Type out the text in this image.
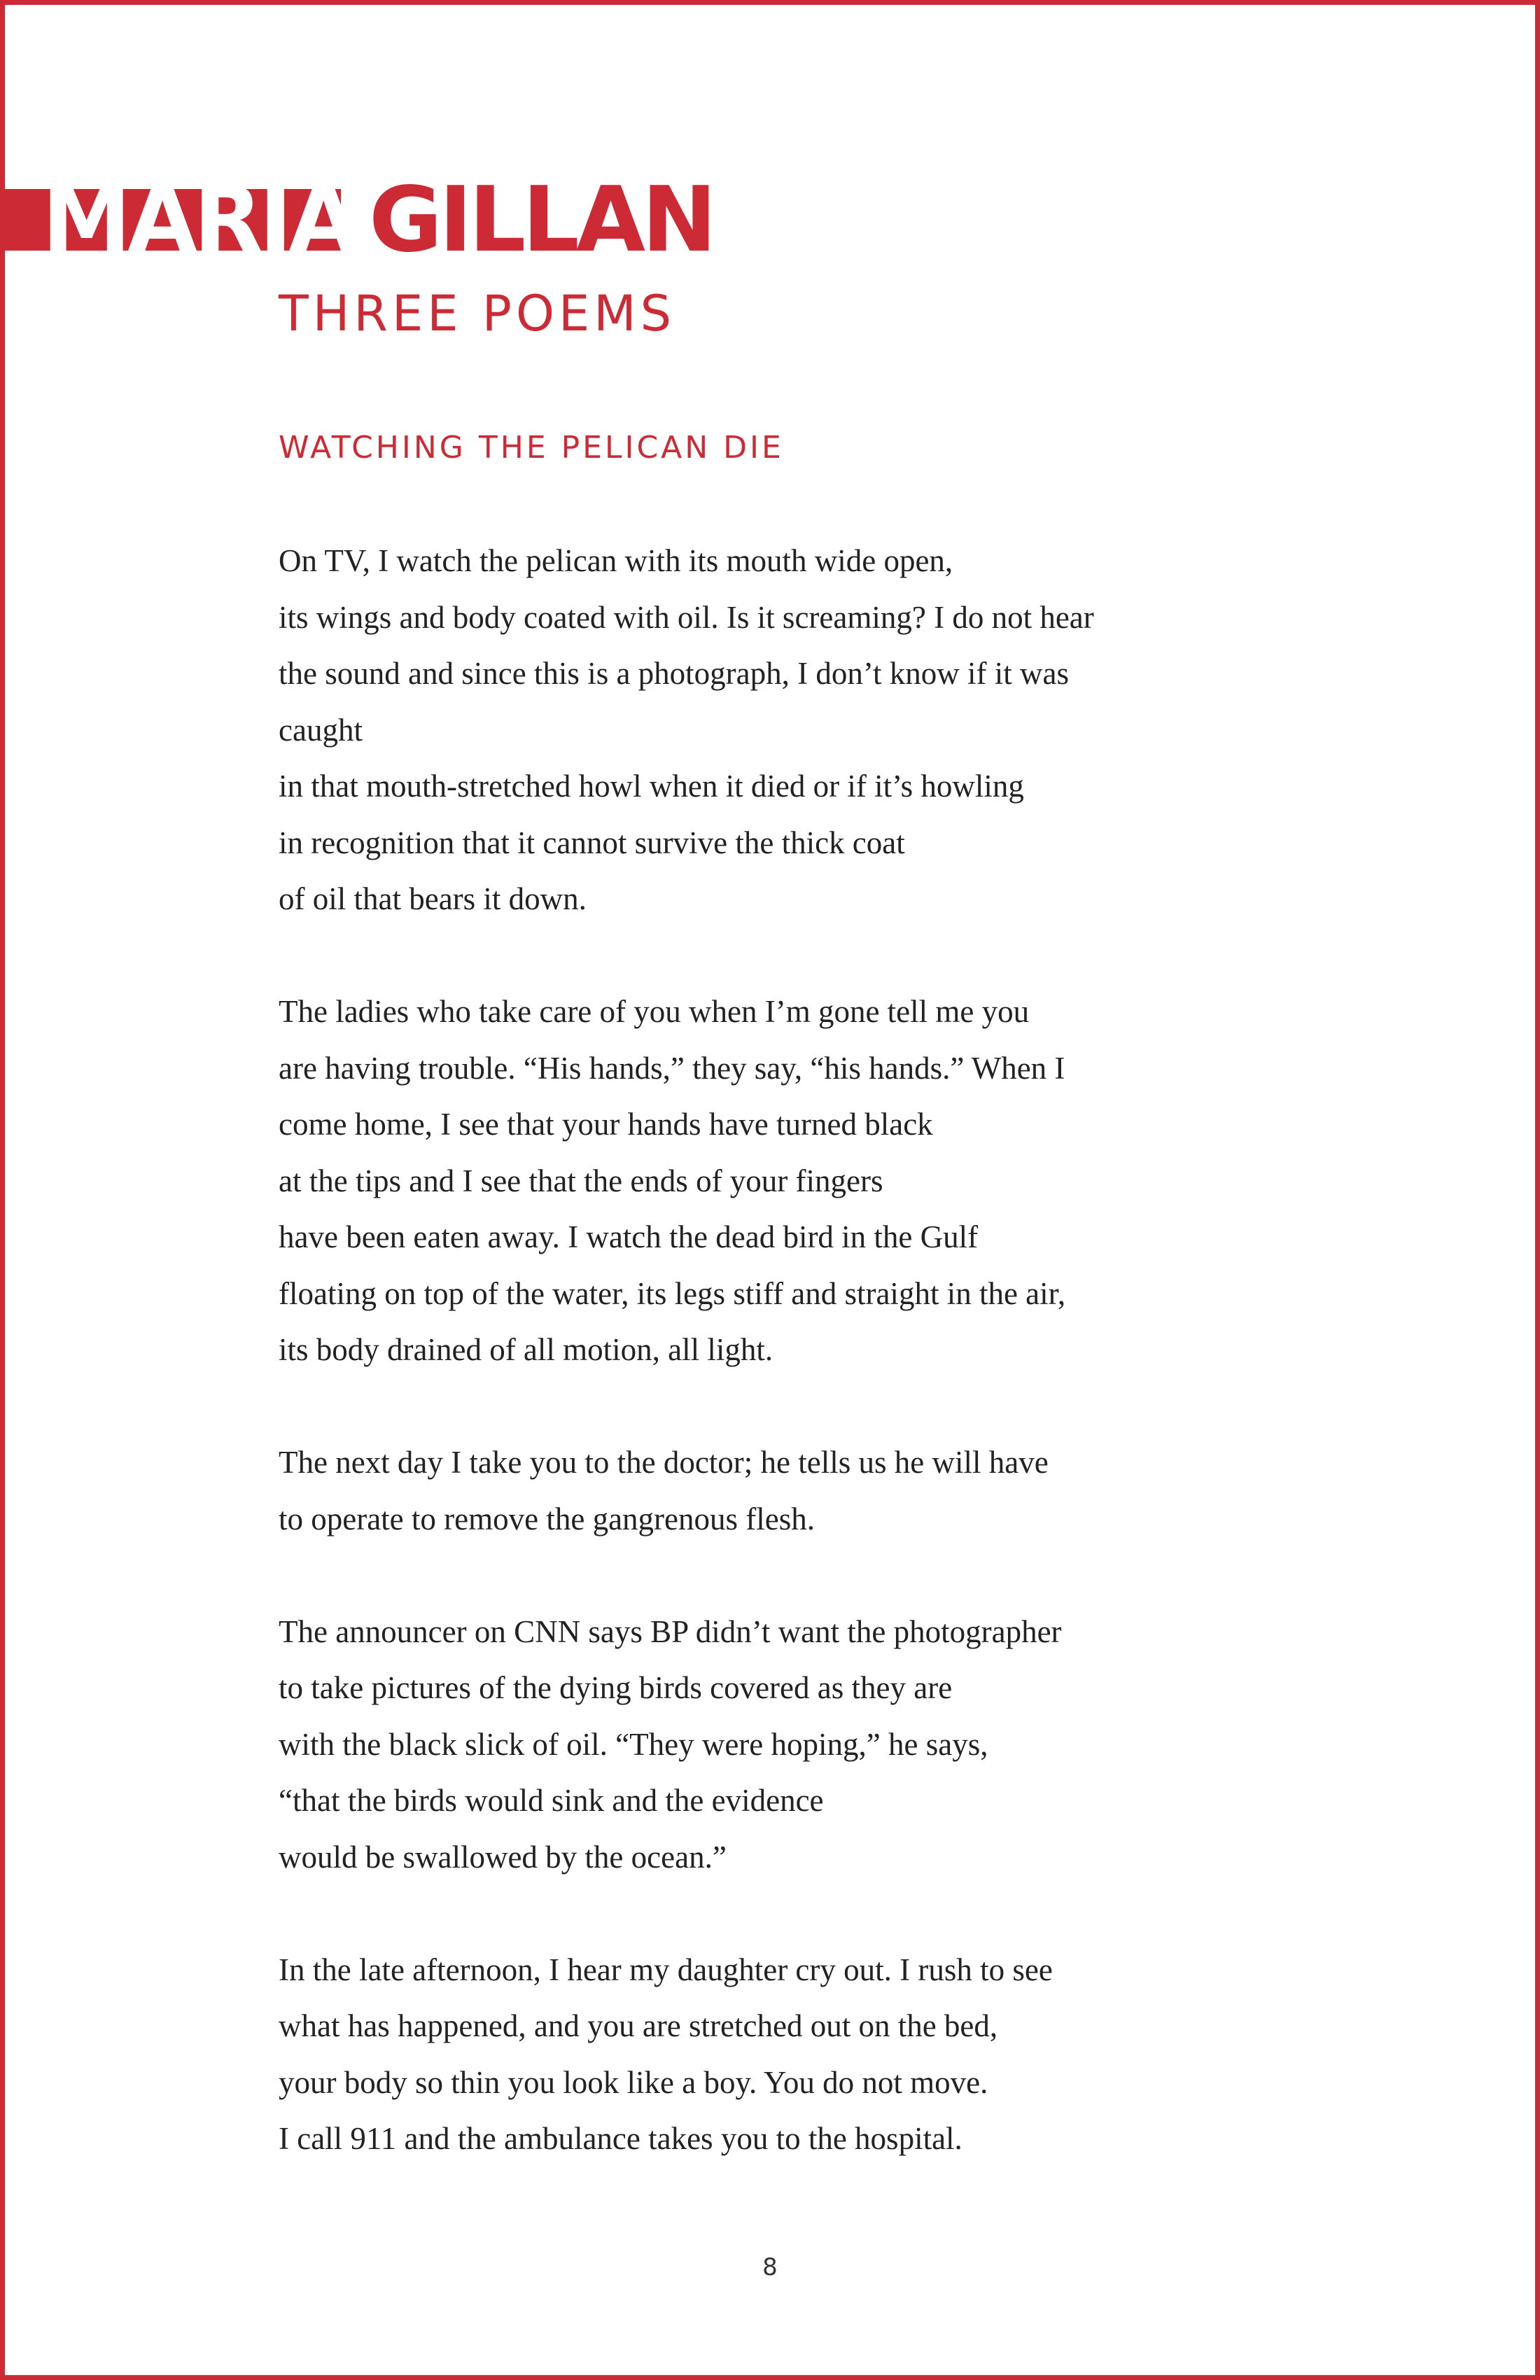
MARIA GILLAN
THREE POEMS
WATCHING THE PELICAN DIE
On TV, I watch the pelican with its mouth wide open,
its wings and body coated with oil. Is it screaming? I do not hear
the sound and since this is a photograph, I don’t know if it was
caught
in that mouth-stretched howl when it died or if it’s howling
in recognition that it cannot survive the thick coat
of oil that bears it down.
The ladies who take care of you when I’m gone tell me you
are having trouble. “His hands,” they say, “his hands.” When I
come home, I see that your hands have turned black
at the tips and I see that the ends of your fingers
have been eaten away. I watch the dead bird in the Gulf
floating on top of the water, its legs stiff and straight in the air,
its body drained of all motion, all light.
The next day I take you to the doctor; he tells us he will have
to operate to remove the gangrenous flesh.
The announcer on CNN says BP didn’t want the photographer
to take pictures of the dying birds covered as they are
with the black slick of oil. “They were hoping,” he says,
“that the birds would sink and the evidence
would be swallowed by the ocean.”
In the late afternoon, I hear my daughter cry out. I rush to see
what has happened, and you are stretched out on the bed,
your body so thin you look like a boy. You do not move.
I call 911 and the ambulance takes you to the hospital.
8
